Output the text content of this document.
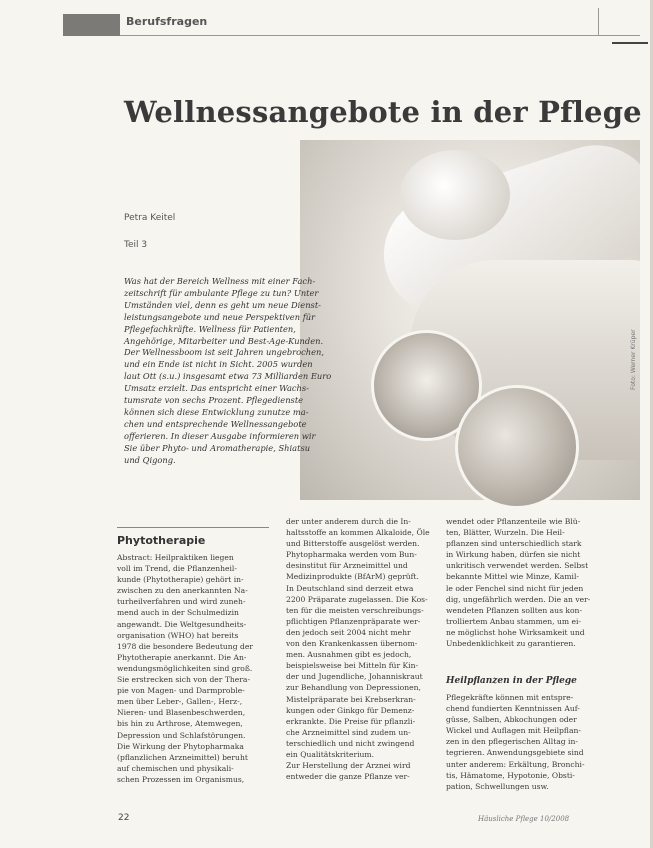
Berufsfragen
Foto: Werner Krüper
Wellnessangebote in der Pflege
Petra Keitel
Teil 3
Was hat der Bereich Wellness mit einer Fach-
zeitschrift für ambulante Pflege zu tun? Unter
Umständen viel, denn es geht um neue Dienst-
leistungsangebote und neue Perspektiven für
Pflegefachkräfte. Wellness für Patienten,
Angehörige, Mitarbeiter und Best-Age-Kunden.
Der Wellnessboom ist seit Jahren ungebrochen,
und ein Ende ist nicht in Sicht. 2005 wurden
laut Ott (s.u.) insgesamt etwa 73 Milliarden Euro
Umsatz erzielt. Das entspricht einer Wachs-
tumsrate von sechs Prozent. Pflegedienste
können sich diese Entwicklung zunutze ma-
chen und entsprechende Wellnessangebote
offerieren. In dieser Ausgabe informieren wir
Sie über Phyto- und Aromatherapie, Shiatsu
und Qigong.
Phytotherapie
Abstract: Heilpraktiken liegen
voll im Trend, die Pflanzenheil-
kunde (Phytotherapie) gehört in-
zwischen zu den anerkannten Na-
turheilverfahren und wird zuneh-
mend auch in der Schulmedizin
angewandt. Die Weltgesundheits-
organisation (WHO) hat bereits
1978 die besondere Bedeutung der
Phytotherapie anerkannt. Die An-
wendungsmöglichkeiten sind groß.
Sie erstrecken sich von der Thera-
pie von Magen- und Darmproble-
men über Leber-, Gallen-, Herz-,
Nieren- und Blasenbeschwerden,
bis hin zu Arthrose, Atemwegen,
Depression und Schlafstörungen.
Die Wirkung der Phytopharmaka
(pflanzlichen Arzneimittel) beruht
auf chemischen und physikali-
schen Prozessen im Organismus,
der unter anderem durch die In-
haltsstoffe an kommen Alkaloide, Öle
und Bitterstoffe ausgelöst werden.
Phytopharmaka werden vom Bun-
desinstitut für Arzneimittel und
Medizinprodukte (BfArM) geprüft.
In Deutschland sind derzeit etwa
2200 Präparate zugelassen. Die Kos-
ten für die meisten verschreibungs-
pflichtigen Pflanzenpräparate wer-
den jedoch seit 2004 nicht mehr
von den Krankenkassen übernom-
men. Ausnahmen gibt es jedoch,
beispielsweise bei Mitteln für Kin-
der und Jugendliche, Johanniskraut
zur Behandlung von Depressionen,
Mistelpräparate bei Krebserkran-
kungen oder Ginkgo für Demenz-
erkrankte. Die Preise für pflanzli-
che Arzneimittel sind zudem un-
terschiedlich und nicht zwingend
ein Qualitätskriterium.
Zur Herstellung der Arznei wird
entweder die ganze Pflanze ver-
wendet oder Pflanzenteile wie Blü-
ten, Blätter, Wurzeln. Die Heil-
pflanzen sind unterschiedlich stark
in Wirkung haben, dürfen sie nicht
unkritisch verwendet werden. Selbst
bekannte Mittel wie Minze, Kamil-
le oder Fenchel sind nicht für jeden
dig, ungefährlich werden. Die an ver-
wendeten Pflanzen sollten aus kon-
trolliertem Anbau stammen, um ei-
ne möglichst hohe Wirksamkeit und
Unbedenklichkeit zu garantieren.
Heilpflanzen in der Pflege
Pflegekräfte können mit entspre-
chend fundierten Kenntnissen Auf-
güsse, Salben, Abkochungen oder
Wickel und Auflagen mit Heilpflan-
zen in den pflegerischen Alltag in-
tegrieren. Anwendungsgebiete sind
unter anderem: Erkältung, Bronchi-
tis, Hämatome, Hypotonie, Obsti-
pation, Schwellungen usw.
22	Häusliche Pflege 10/2008
